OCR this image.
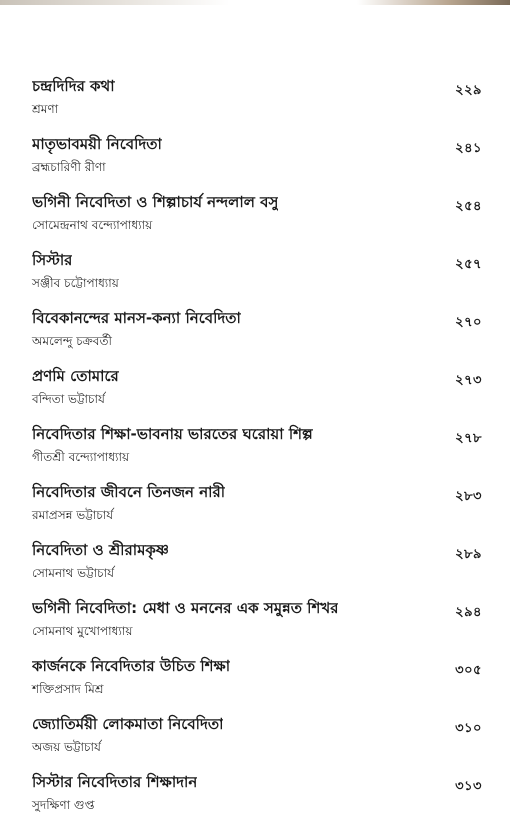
চন্দ্রদিদির কথা
শ্রমণা
২২৯
মাতৃভাবময়ী নিবেদিতা
ব্রহ্মচারিণী রীণা
২৪১
ভগিনী নিবেদিতা ও শিল্পাচার্য নন্দলাল বসু
সোমেন্দ্রনাথ বন্দ্যোপাধ্যায়
২৫৪
সিস্টার
সঞ্জীব চট্টোপাধ্যায়
২৫৭
বিবেকানন্দের মানস-কন্যা নিবেদিতা
অমলেন্দু চক্রবর্তী
২৭০
প্রণমি তোমারে
বন্দিতা ভট্টাচার্য
২৭৩
নিবেদিতার শিক্ষা-ভাবনায় ভারতের ঘরোয়া শিল্প
গীতশ্রী বন্দ্যোপাধ্যায়
২৭৮
নিবেদিতার জীবনে তিনজন নারী
রমাপ্রসন্ন ভট্টাচার্য
২৮৩
নিবেদিতা ও শ্রীরামকৃষ্ণ
সোমনাথ ভট্টাচার্য
২৮৯
ভগিনী নিবেদিতা: মেধা ও মননের এক সমুন্নত শিখর
সোমনাথ মুখোপাধ্যায়
২৯৪
কার্জনকে নিবেদিতার উচিত শিক্ষা
শক্তিপ্রসাদ মিশ্র
৩০৫
জ্যোতির্ময়ী লোকমাতা নিবেদিতা
অজয় ভট্টাচার্য
৩১০
সিস্টার নিবেদিতার শিক্ষাদান
সুদক্ষিণা গুপ্ত
৩১৩
